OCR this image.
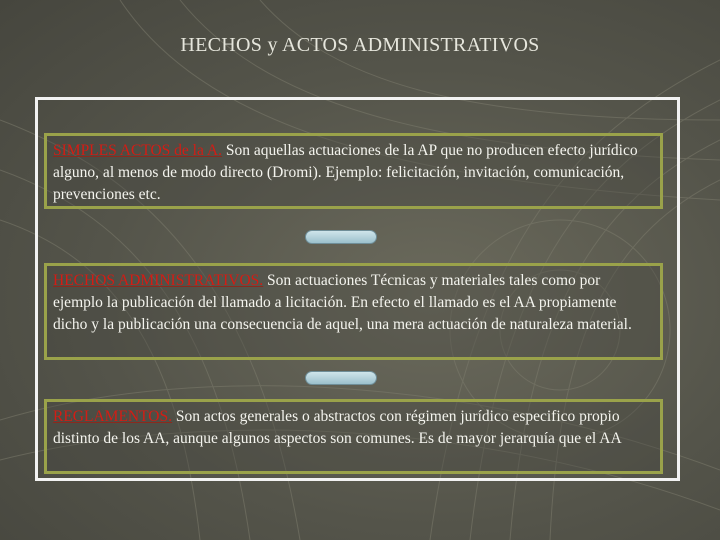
HECHOS y ACTOS ADMINISTRATIVOS
SIMPLES ACTOS de la A. Son aquellas actuaciones de la AP que no producen efecto jurídico alguno, al menos de modo directo (Dromi). Ejemplo: felicitación, invitación, comunicación, prevenciones etc.
HECHOS ADMINISTRATIVOS. Son actuaciones Técnicas y materiales tales como por ejemplo la publicación del llamado a licitación. En efecto el llamado es el AA propiamente dicho y la publicación una consecuencia de aquel, una mera actuación de naturaleza material.
REGLAMENTOS. Son actos generales o abstractos con régimen jurídico especifico propio distinto de los AA, aunque algunos aspectos son comunes. Es de mayor jerarquía que el AA
